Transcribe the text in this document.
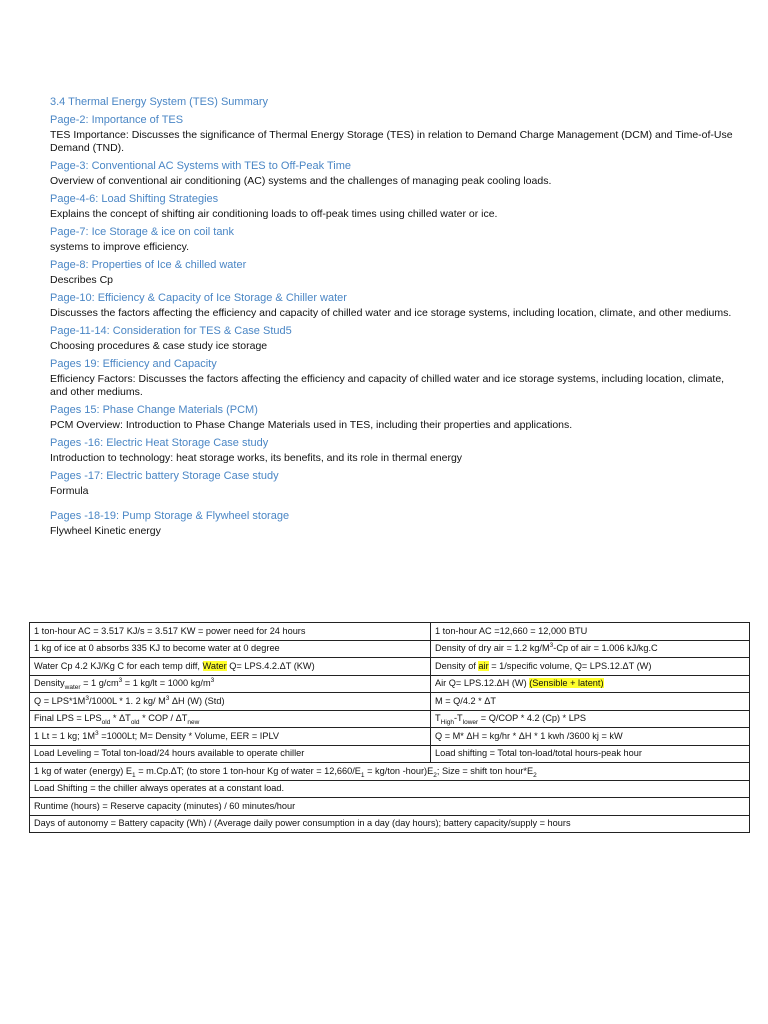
3.4 Thermal Energy System (TES) Summary
Page-2: Importance of TES
TES Importance: Discusses the significance of Thermal Energy Storage (TES) in relation to Demand Charge Management (DCM) and Time-of-Use Demand (TND).
Page-3: Conventional AC Systems with TES to Off-Peak Time
Overview of conventional air conditioning (AC) systems and the challenges of managing peak cooling loads.
Page-4-6: Load Shifting Strategies
Explains the concept of shifting air conditioning loads to off-peak times using chilled water or ice.
Page-7: Ice Storage & ice on coil tank
systems to improve efficiency.
Page-8: Properties of Ice & chilled water
Describes Cp
Page-10: Efficiency & Capacity of Ice Storage & Chiller water
Discusses the factors affecting the efficiency and capacity of chilled water and ice storage systems, including location, climate, and other mediums.
Page-11-14: Consideration for TES & Case Stud5
Choosing procedures & case study ice storage
Pages 19: Efficiency and Capacity
Efficiency Factors: Discusses the factors affecting the efficiency and capacity of chilled water and ice storage systems, including location, climate, and other mediums.
Pages 15: Phase Change Materials (PCM)
PCM Overview: Introduction to Phase Change Materials used in TES, including their properties and applications.
Pages -16: Electric Heat Storage Case study
Introduction to technology: heat storage works, its benefits, and its role in thermal energy
Pages -17: Electric battery Storage Case study
Formula
Pages -18-19: Pump Storage & Flywheel storage
Flywheel Kinetic energy
1 ton-hour AC = 3.517 KJ/s = 3.517 KW = power need for 24 hours	1 ton-hour AC =12,660 = 12,000 BTU
1 kg of ice at 0 absorbs 335 KJ to become water at 0 degree	Density of dry air = 1.2 $kg/M^3-Cp$ of air = 1.006 kJ/kg.C
Water Cp 4.2 KJ/Kg C for each temp diff, Water Q= LPS.4.2.ΔT (KW)	Density of air = 1/specific volume, Q= LPS.12.ΔT (W)
Density$_{water}$ = 1 $g/cm^3 = 1$ kg/lt = 1000 $kg/m^3$	Air Q= LPS.12.ΔH (W) (Sensible + latent)
$Q = LPS*1M^3/1000L * 1$. 2 kg/ $M^3$ ΔH (W) (Std)	M = Q/4.2 * ΔT
Final LPS = $LPS_{old} * \Delta T_{old}$ * COP / $\Delta T_{new}$	$T_{High}-T_{lower} = Q/COP * 4.2$ (Cp) * LPS
1 Lt = 1 kg; $1M^3 =1000Lt$; M= Density * Volume, EER = IPLV	Q = M* ΔH = kg/hr * ΔH * 1 kwh /3600 kj = kW
Load Leveling = Total ton-load/24 hours available to operate chiller	Load shifting = Total ton-load/total hours-peak hour
1 kg of water (energy) $E_1 = m.Cp.\Delta T$; (to store 1 ton-hour Kg of water = $12,660/E_1 = kg/ton$ $-hour)E_2$; Size = shift ton $hour*E_2$
Load Shifting = the chiller always operates at a constant load.	
Runtime (hours) = Reserve capacity (minutes) / 60 minutes/hour	
Days of autonomy = Battery capacity (Wh) / (Average daily power consumption in a day (day hours); battery capacity/supply = hours	
